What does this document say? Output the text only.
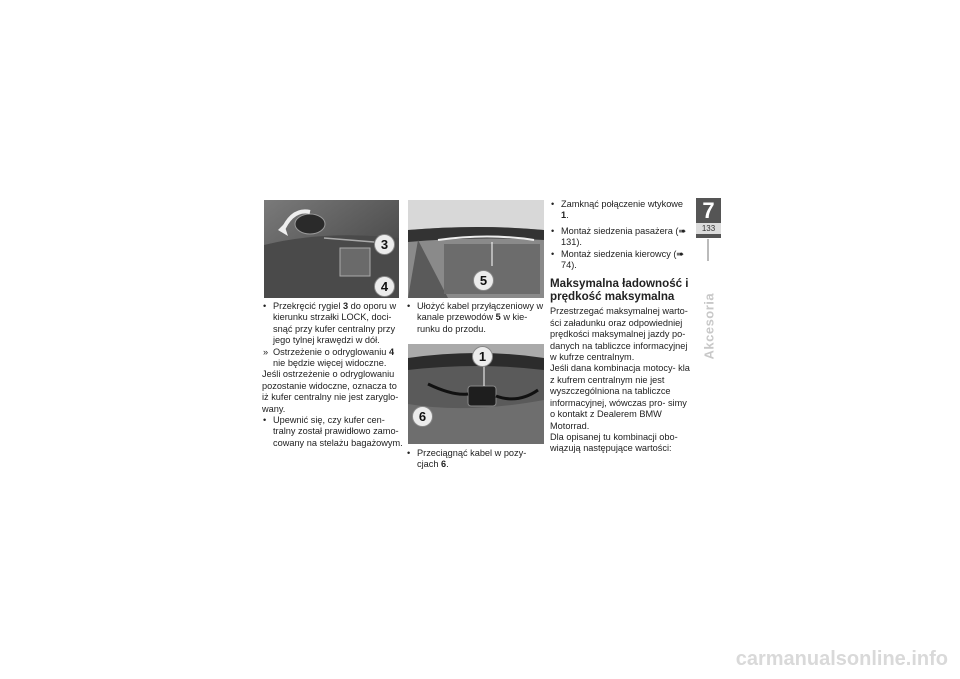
3
4

• Przekręcić rygiel 3 do oporu w kierunku strzałki LOCK, doci- snąć przy kufer centralny przy jego tylnej krawędzi w dół.

» Ostrzeżenie o odryglowaniu 4 nie będzie więcej widoczne.

Jeśli ostrzeżenie o odryglowaniu pozostanie widoczne, oznacza to iż kufer centralny nie jest zaryglo- wany.

• Upewnić się, czy kufer cen- tralny został prawidłowo zamo- cowany na stelażu bagażowym.

5

• Ułożyć kabel przyłączeniowy w kanale przewodów 5 w kie- runku do przodu.

1
6

• Przeciągnąć kabel w pozy- cjach 6.

• Zamknąć połączenie wtykowe 1.

• Montaż siedzenia pasażera (➠ 131).

• Montaż siedzenia kierowcy (➠ 74).

Maksymalna ładowność i prędkość maksymalna

Przestrzegać maksymalnej warto- ści załadunku oraz odpowiedniej prędkości maksymalnej jazdy po- danych na tabliczce informacyjnej w kufrze centralnym.

Jeśli dana kombinacja motocy- kla z kufrem centralnym nie jest wyszczególniona na tabliczce informacyjnej, wówczas pro- simy o kontakt z Dealerem BMW Motorrad.

Dla opisanej tu kombinacji obo- wiązują następujące wartości:

7
133
Akcesoria
carmanualsonline.info
